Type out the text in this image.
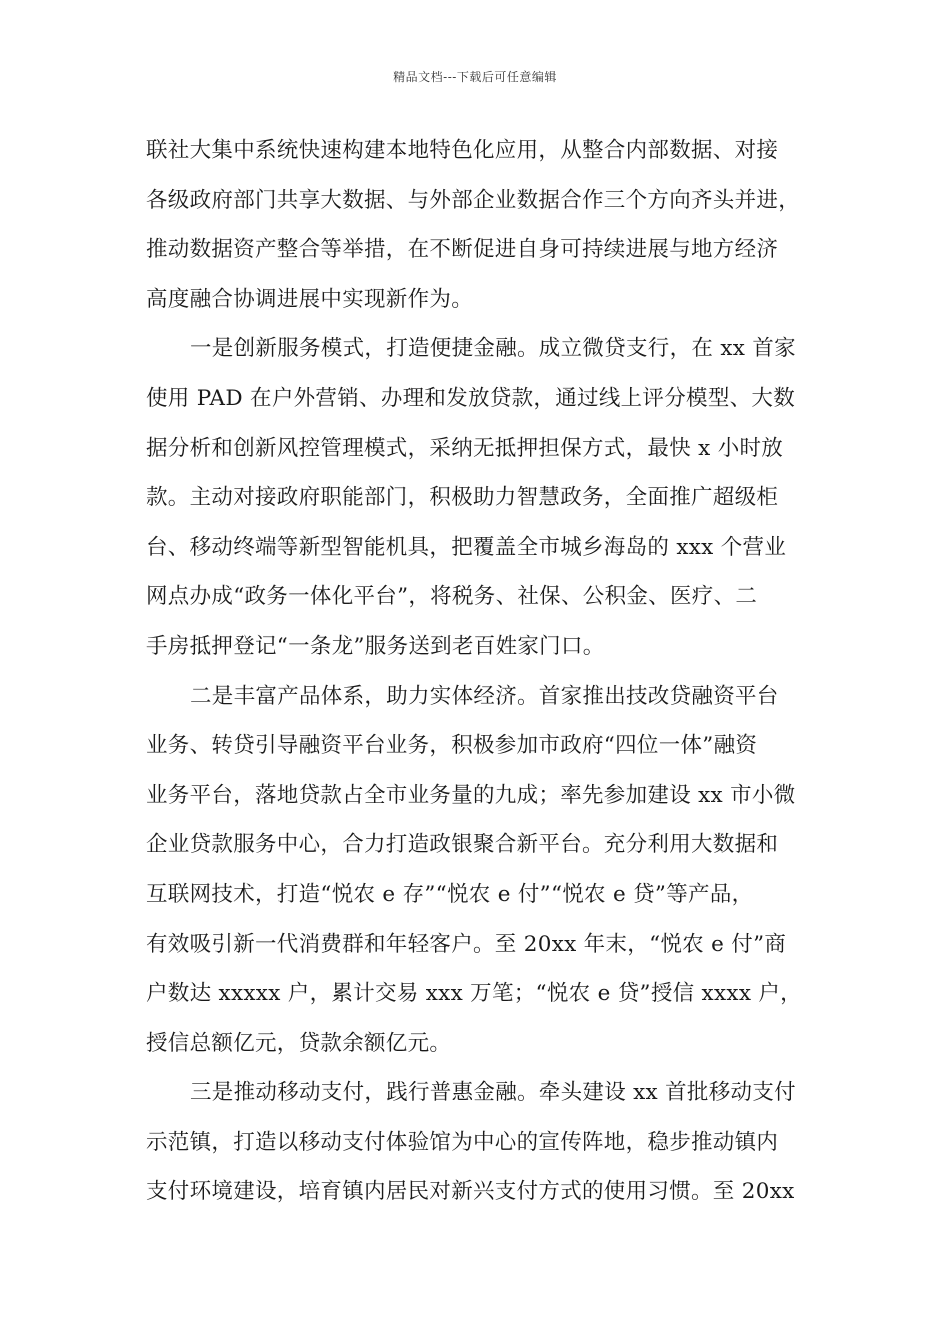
精品文档---下载后可任意编辑
联社大集中系统快速构建本地特色化应用，从整合内部数据、对接
各级政府部门共享大数据、与外部企业数据合作三个方向齐头并进，
推动数据资产整合等举措，在不断促进自身可持续进展与地方经济
高度融合协调进展中实现新作为。
一是创新服务模式，打造便捷金融。成立微贷支行，在 xx 首家
使用 PAD 在户外营销、办理和发放贷款，通过线上评分模型、大数
据分析和创新风控管理模式，采纳无抵押担保方式，最快 x 小时放
款。主动对接政府职能部门，积极助力智慧政务，全面推广超级柜
台、移动终端等新型智能机具，把覆盖全市城乡海岛的 xxx 个营业
网点办成“政务一体化平台”，将税务、社保、公积金、医疗、二
手房抵押登记“一条龙”服务送到老百姓家门口。
二是丰富产品体系，助力实体经济。首家推出技改贷融资平台
业务、转贷引导融资平台业务，积极参加市政府“四位一体”融资
业务平台，落地贷款占全市业务量的九成；率先参加建设 xx 市小微
企业贷款服务中心，合力打造政银聚合新平台。充分利用大数据和
互联网技术，打造“悦农 e 存”“悦农 e 付”“悦农 e 贷”等产品，
有效吸引新一代消费群和年轻客户。至 20xx 年末，“悦农 e 付”商
户数达 xxxxx 户，累计交易 xxx 万笔；“悦农 e 贷”授信 xxxx 户，
授信总额亿元，贷款余额亿元。
三是推动移动支付，践行普惠金融。牵头建设 xx 首批移动支付
示范镇，打造以移动支付体验馆为中心的宣传阵地，稳步推动镇内
支付环境建设，培育镇内居民对新兴支付方式的使用习惯。至 20xx
